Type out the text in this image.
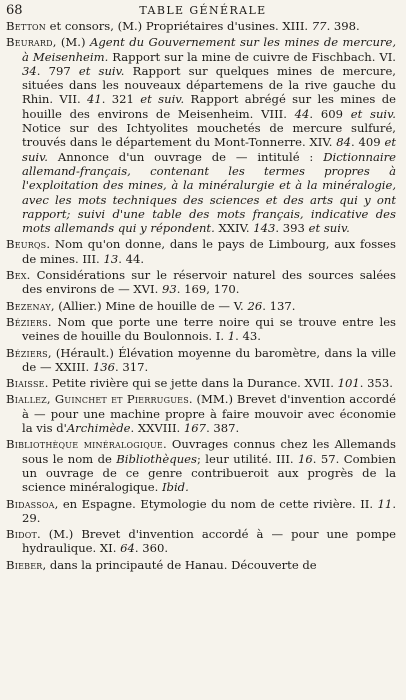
68	TABLE GÉNÉRALE

Betton et consors, (M.) Propriétaires d'usines. XIII. 77. 398.

Beurard, (M.) Agent du Gouvernement sur les mines de mercure, à Meisenheim. Rapport sur la mine de cuivre de Fischbach. VI. 34. 797 et suiv. Rapport sur quelques mines de mercure, situées dans les nouveaux départemens de la rive gauche du Rhin. VII. 41. 321 et suiv. Rapport abrégé sur les mines de houille des environs de Meisenheim. VIII. 44. 609 et suiv. Notice sur des Ichtyolites mouchetés de mercure sulfuré, trouvés dans le département du Mont-Tonnerre. XIV. 84. 409 et suiv. Annonce d'un ouvrage de — intitulé : Dictionnaire allemand-français, contenant les termes propres à l'exploitation des mines, à la minéralurgie et à la minéralogie, avec les mots techniques des sciences et des arts qui y ont rapport; suivi d'une table des mots français, indicative des mots allemands qui y répondent. XXIV. 143. 393 et suiv.

Beurqs. Nom qu'on donne, dans le pays de Limbourg, aux fosses de mines. III. 13. 44.

Bex. Considérations sur le réservoir naturel des sources salées des environs de — XVI. 93. 169, 170.

Bezenay, (Allier.) Mine de houille de — V. 26. 137.

Béziers. Nom que porte une terre noire qui se trouve entre les veines de houille du Boulonnois. I. 1. 43.

Béziers, (Hérault.) Élévation moyenne du baromètre, dans la ville de — XXIII. 136. 317.

Biaisse. Petite rivière qui se jette dans la Durance. XVII. 101. 353.

Biallez, Guinchet et Pierrugues. (MM.) Brevet d'invention accordé à — pour une machine propre à faire mouvoir avec économie la vis d'Archimède. XXVIII. 167. 387.

Bibliothèque minéralogique. Ouvrages connus chez les Allemands sous le nom de Bibliothèques; leur utilité. III. 16. 57. Combien un ouvrage de ce genre contribueroit aux progrès de la science minéralogique. Ibid.

Bidassoa, en Espagne. Etymologie du nom de cette rivière. II. 11. 29.

Bidot. (M.) Brevet d'invention accordé à — pour une pompe hydraulique. XI. 64. 360.

Bieber, dans la principauté de Hanau. Découverte de
